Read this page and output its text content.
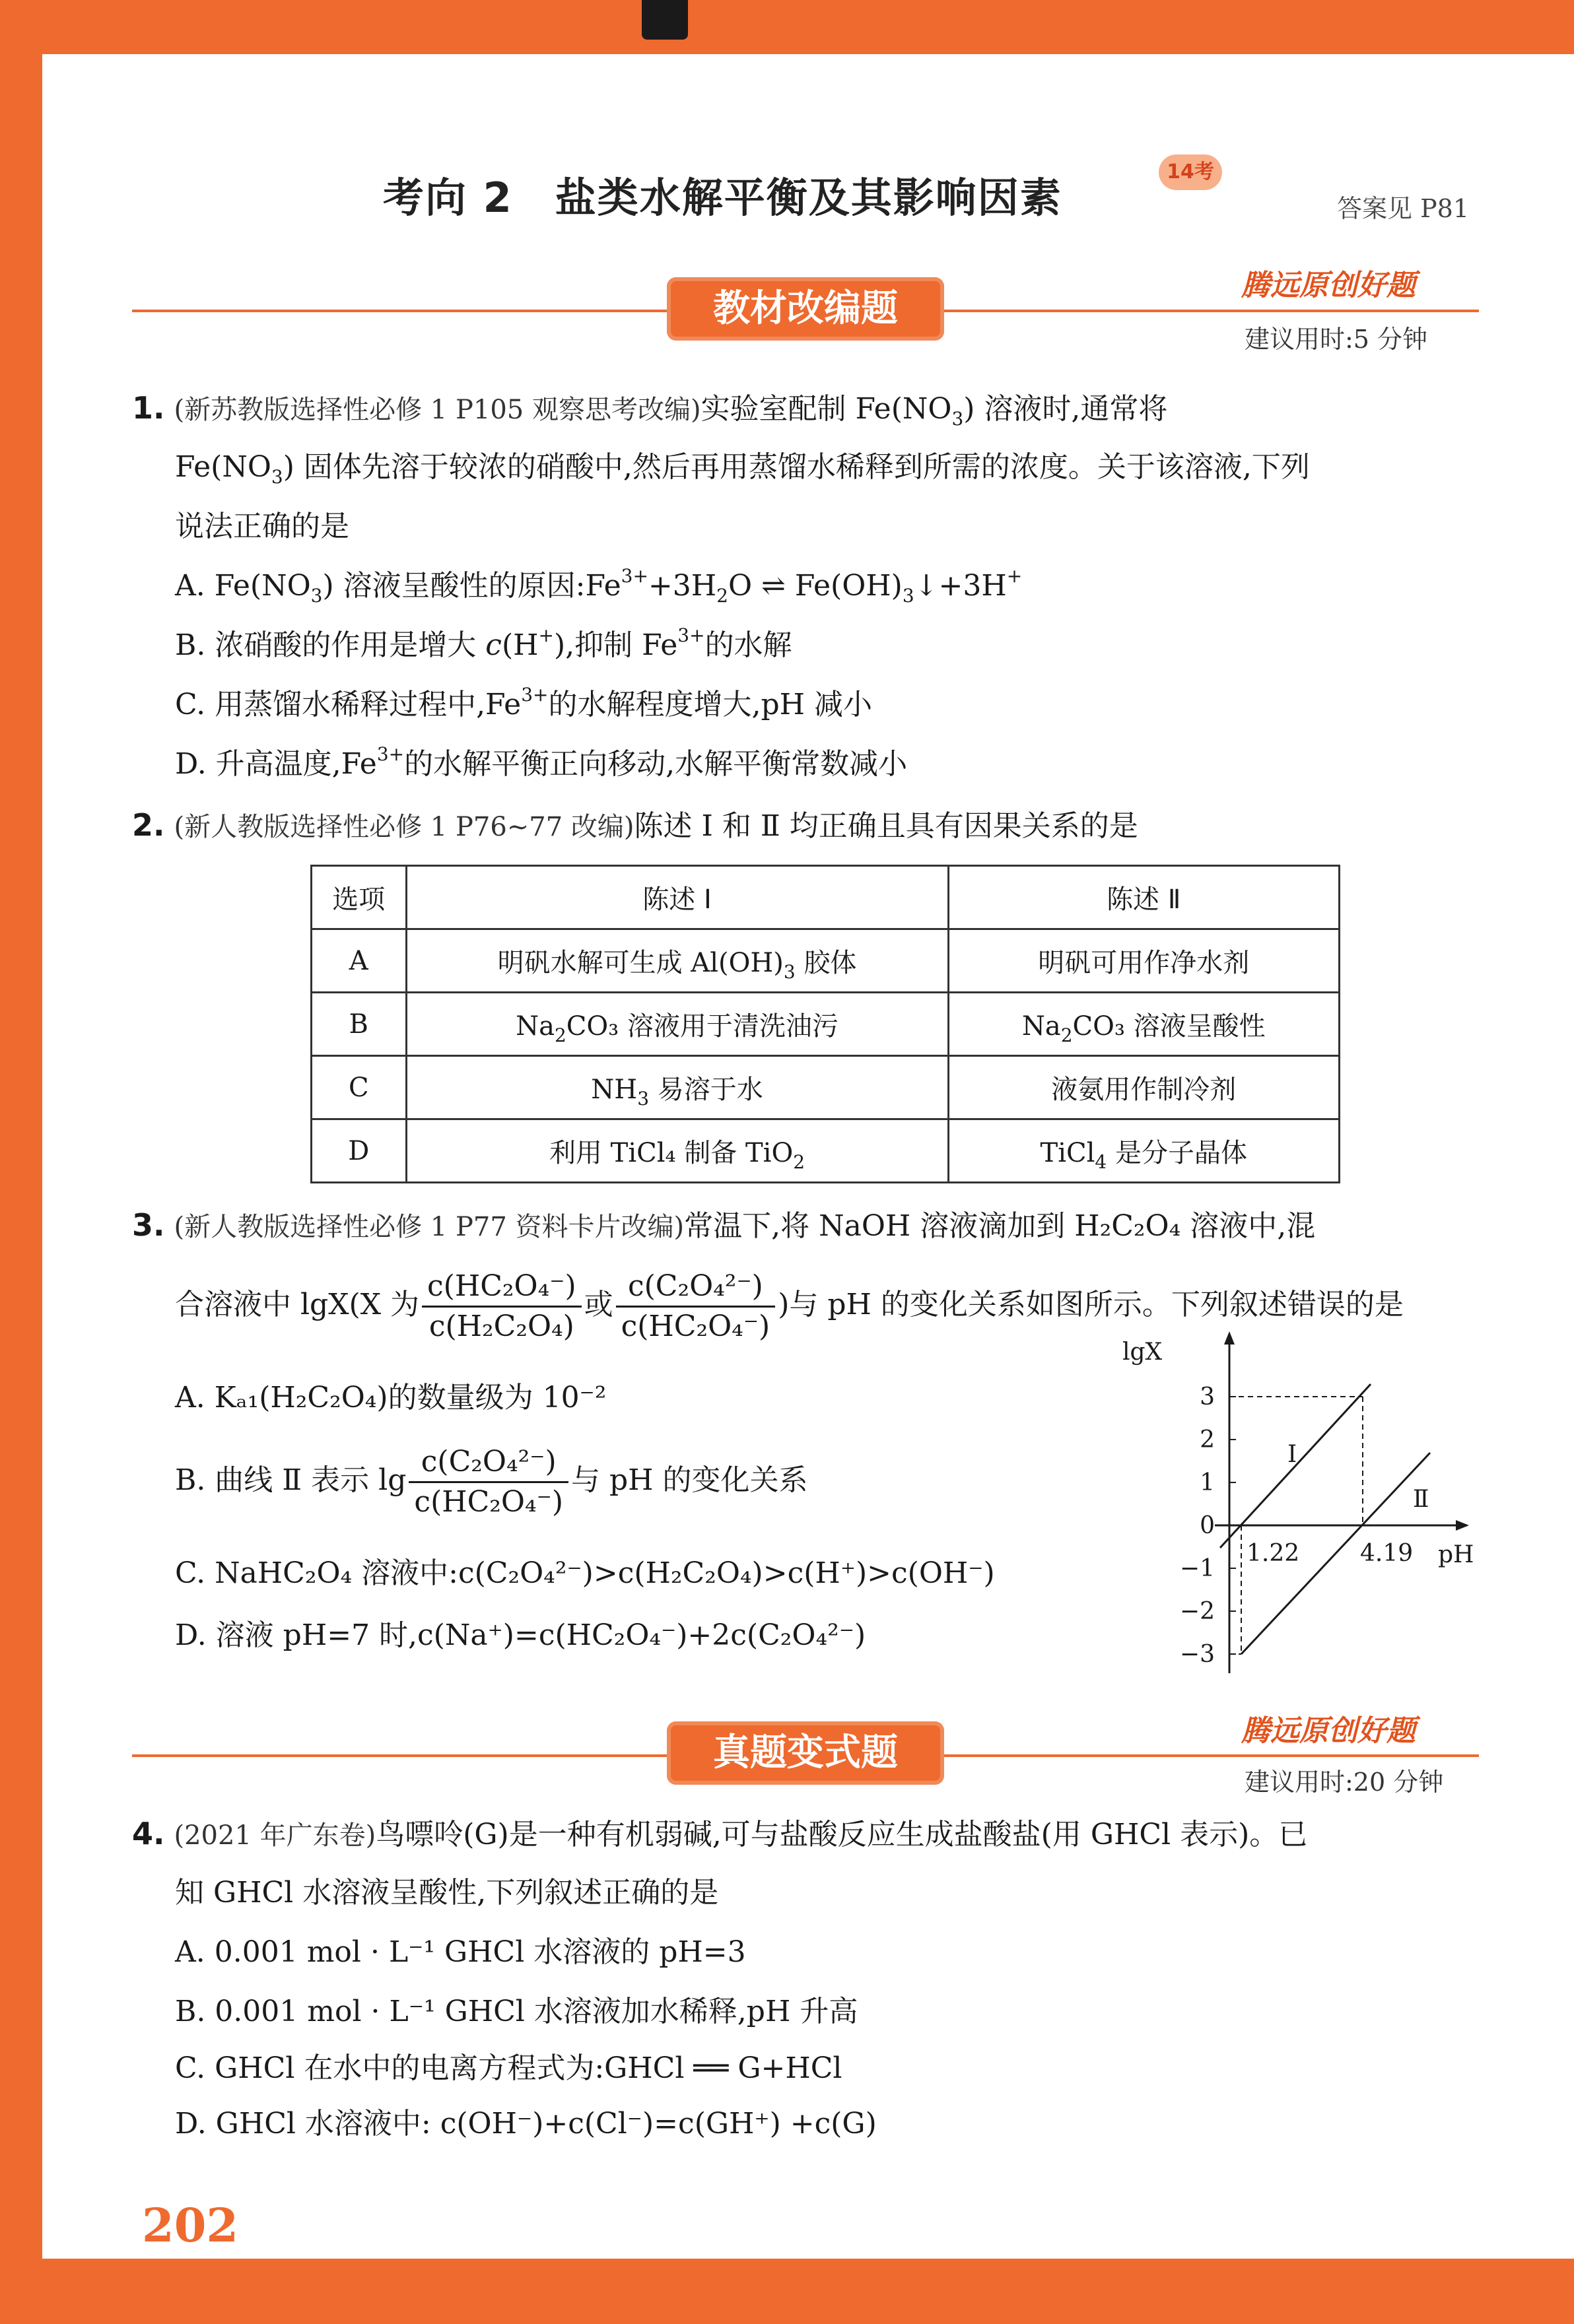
考向 2　盐类水解平衡及其影响因素
14考
答案见 P81
教材改编题
腾远原创好题
建议用时:5 分钟
1. (新苏教版选择性必修 1 P105 观察思考改编)实验室配制 $Fe(NO_3)$ 溶液时,通常将
$Fe(NO_3)$ 固体先溶于较浓的硝酸中,然后再用蒸馏水稀释到所需的浓度。关于该溶液,下列
说法正确的是
A. $Fe(NO_3)$ 溶液呈酸性的原因$:Fe^{3+}+3H_2O$ ⇌ $Fe(OH)_3↓+3H^+$
B. 浓硝酸的作用是增大 c(H+),抑制 $Fe^{3+}$的水解
C. 用蒸馏水稀释过程中$,Fe^{3+}$的水解程度增大,pH 减小
D. 升高温度$,Fe^{3+}$的水解平衡正向移动,水解平衡常数减小
2. (新人教版选择性必修 1 P76~77 改编)陈述 Ⅰ 和 Ⅱ 均正确且具有因果关系的是
选项	陈述 Ⅰ	陈述 Ⅱ
A	明矾水解可生成 $Al(OH)_3$ 胶体	明矾可用作净水剂
B	$Na_2CO_3$ 溶液用于清洗油污	$Na_2CO_3$ 溶液呈酸性
C	$NH_3$ 易溶于水	液氨用作制冷剂
D	利用 TiCl₄ 制备 TiO$_2$	TiCl$_4$ 是分子晶体
3. (新人教版选择性必修 1 P77 资料卡片改编)常温下,将 NaOH 溶液滴加到 H₂C₂O₄ 溶液中,混
合溶液中 lgX(X 为 $\frac{\text{c(HC₂O₄⁻)}}{\text{c(H₂C₂O₄)}}$ 或 $\frac{\text{c(C₂O₄²⁻)}}{\text{c(HC₂O₄⁻)}}$ )与 pH 的变化关系如图所示。下列叙述错误的是
A. Kₐ₁(H₂C₂O₄)的数量级为 10⁻²
B. 曲线 Ⅱ 表示 $\lg \frac{\text{c(C₂O₄²⁻)}}{\text{c(HC₂O₄⁻)}}$ 与 pH 的变化关系
C. NaHC₂O₄ 溶液中:c(C₂O₄²⁻)>c(H₂C₂O₄)>c(H⁺)>c(OH⁻)
D. 溶液 pH=7 时,c(Na⁺)=c(HC₂O₄⁻)+2c(C₂O₄²⁻)
lgX
pH
3
2
1
0
−1
−2
−3
Ⅰ
Ⅱ
1.22	4.19
真题变式题
腾远原创好题
建议用时:20 分钟
4. (2021 年广东卷)鸟嘌呤(G)是一种有机弱碱,可与盐酸反应生成盐酸盐(用 GHCl 表示)。已
知 GHCl 水溶液呈酸性,下列叙述正确的是
A. 0.001 mol · L⁻¹ GHCl 水溶液的 pH=3
B. 0.001 mol · L⁻¹ GHCl 水溶液加水稀释,pH 升高
C. GHCl 在水中的电离方程式为:GHCl ══ G+HCl
D. GHCl 水溶液中: c(OH⁻)+c(Cl⁻)=c(GH⁺) +c(G)
202
